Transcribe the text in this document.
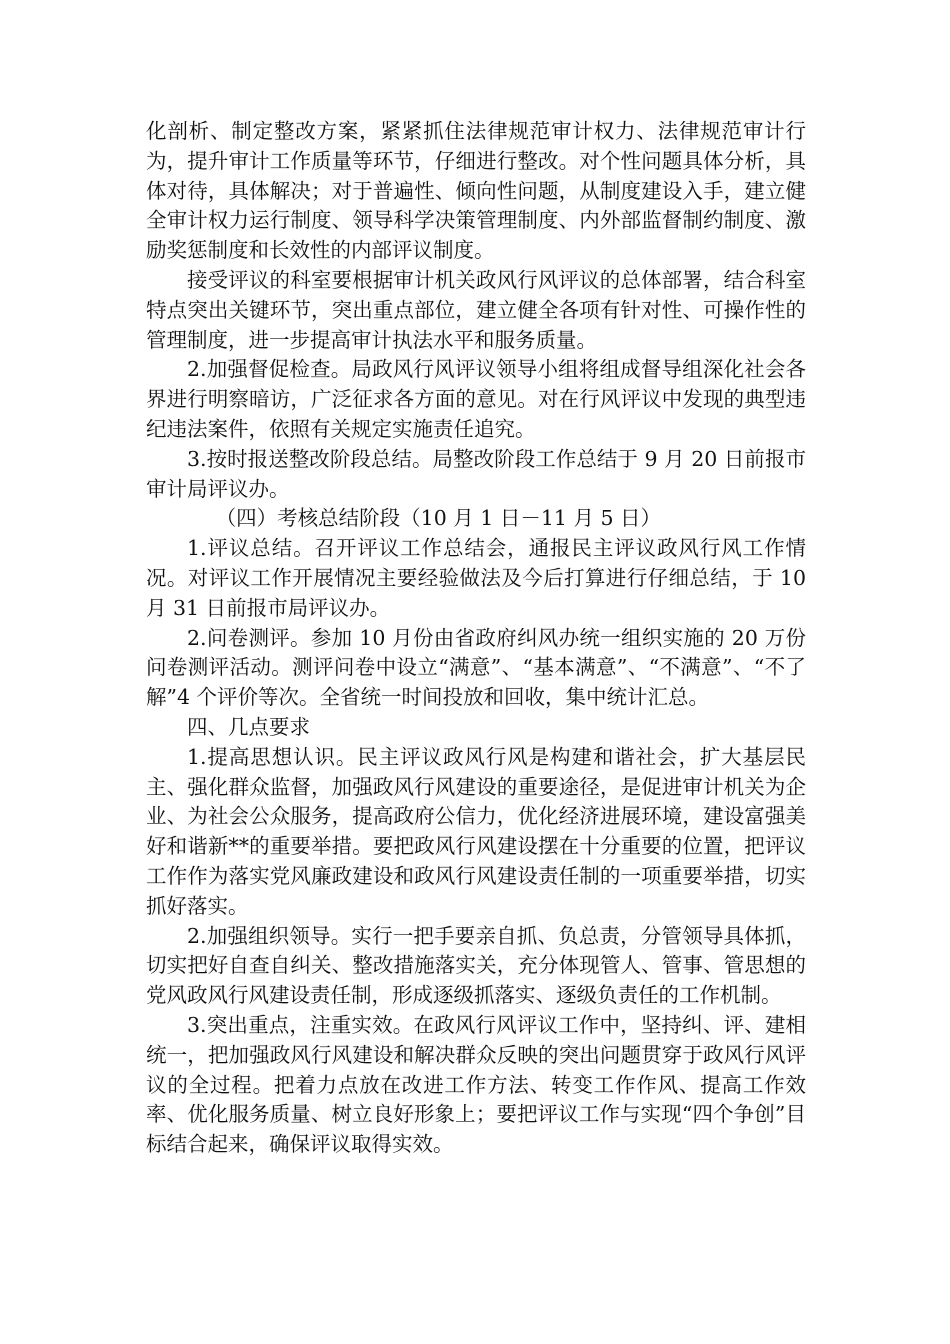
化剖析、制定整改方案，紧紧抓住法律规范审计权力、法律规范审计行为，提升审计工作质量等环节，仔细进行整改。对个性问题具体分析，具体对待，具体解决；对于普遍性、倾向性问题，从制度建设入手，建立健全审计权力运行制度、领导科学决策管理制度、内外部监督制约制度、激励奖惩制度和长效性的内部评议制度。

接受评议的科室要根据审计机关政风行风评议的总体部署，结合科室特点突出关键环节，突出重点部位，建立健全各项有针对性、可操作性的管理制度，进一步提高审计执法水平和服务质量。

2.加强督促检查。局政风行风评议领导小组将组成督导组深化社会各界进行明察暗访，广泛征求各方面的意见。对在行风评议中发现的典型违纪违法案件，依照有关规定实施责任追究。

3.按时报送整改阶段总结。局整改阶段工作总结于 9 月 20 日前报市审计局评议办。

（四）考核总结阶段（10 月 1 日－11 月 5 日）

1.评议总结。召开评议工作总结会，通报民主评议政风行风工作情况。对评议工作开展情况主要经验做法及今后打算进行仔细总结，于 10 月 31 日前报市局评议办。

2.问卷测评。参加 10 月份由省政府纠风办统一组织实施的 20 万份问卷测评活动。测评问卷中设立“满意”、“基本满意”、“不满意”、“不了解”4 个评价等次。全省统一时间投放和回收，集中统计汇总。

四、几点要求

1.提高思想认识。民主评议政风行风是构建和谐社会，扩大基层民主、强化群众监督，加强政风行风建设的重要途径，是促进审计机关为企业、为社会公众服务，提高政府公信力，优化经济进展环境，建设富强美好和谐新**的重要举措。要把政风行风建设摆在十分重要的位置，把评议工作作为落实党风廉政建设和政风行风建设责任制的一项重要举措，切实抓好落实。

2.加强组织领导。实行一把手要亲自抓、负总责，分管领导具体抓，切实把好自查自纠关、整改措施落实关，充分体现管人、管事、管思想的党风政风行风建设责任制，形成逐级抓落实、逐级负责任的工作机制。

3.突出重点，注重实效。在政风行风评议工作中，坚持纠、评、建相统一，把加强政风行风建设和解决群众反映的突出问题贯穿于政风行风评议的全过程。把着力点放在改进工作方法、转变工作作风、提高工作效率、优化服务质量、树立良好形象上；要把评议工作与实现“四个争创”目标结合起来，确保评议取得实效。
